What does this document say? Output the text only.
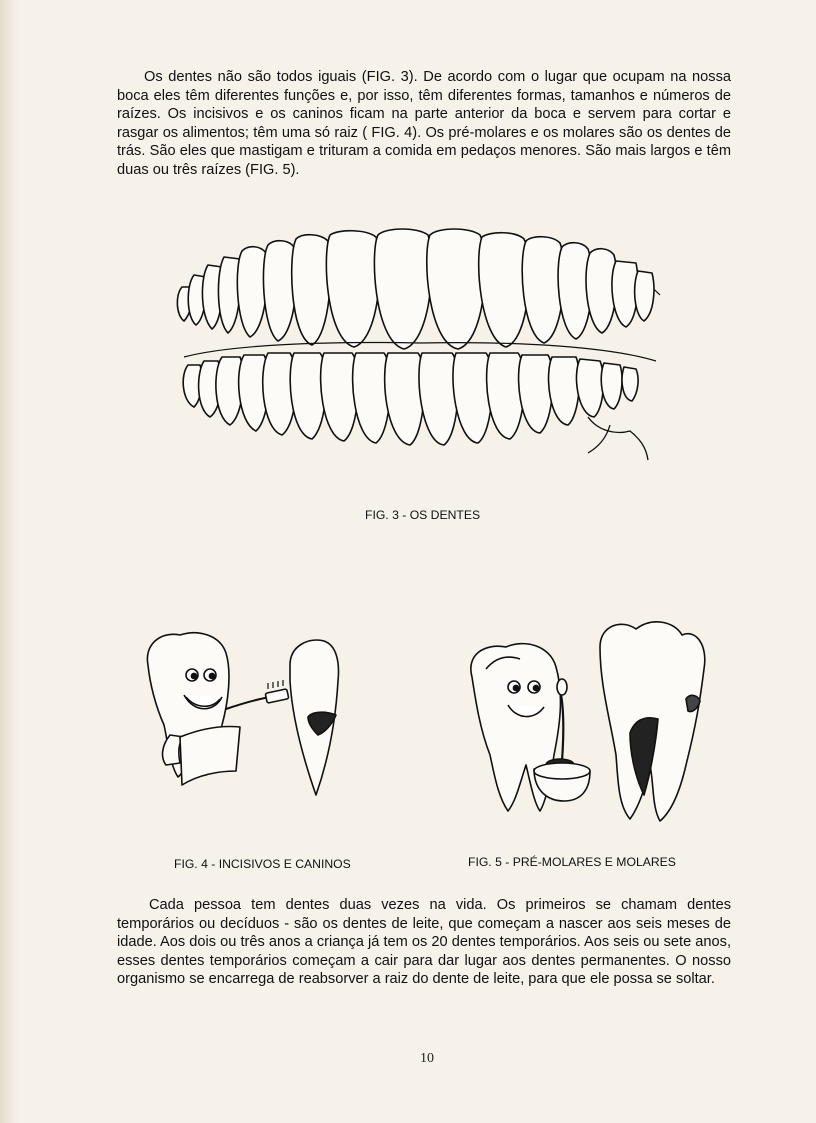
Os dentes não são todos iguais (FIG. 3). De acordo com o lugar que ocupam na nossa boca eles têm diferentes funções e, por isso, têm diferentes formas, tamanhos e números de raízes. Os incisivos e os caninos ficam na parte anterior da boca e servem para cortar e rasgar os alimentos; têm uma só raiz ( FIG. 4). Os pré-molares e os molares são os dentes de trás. São eles que mastigam e trituram a comida em pedaços menores. São mais largos e têm duas ou três raízes (FIG. 5).

FIG. 3 - OS DENTES
FIG. 4 - INCISIVOS E CANINOS	FIG. 5 - PRÉ-MOLARES E MOLARES

Cada pessoa tem dentes duas vezes na vida. Os primeiros se chamam dentes temporários ou decíduos - são os dentes de leite, que começam a nascer aos seis meses de idade. Aos dois ou três anos a criança já tem os 20 dentes temporários. Aos seis ou sete anos, esses dentes temporários começam a cair para dar lugar aos dentes permanentes. O nosso organismo se encarrega de reabsorver a raiz do dente de leite, para que ele possa se soltar.

10
